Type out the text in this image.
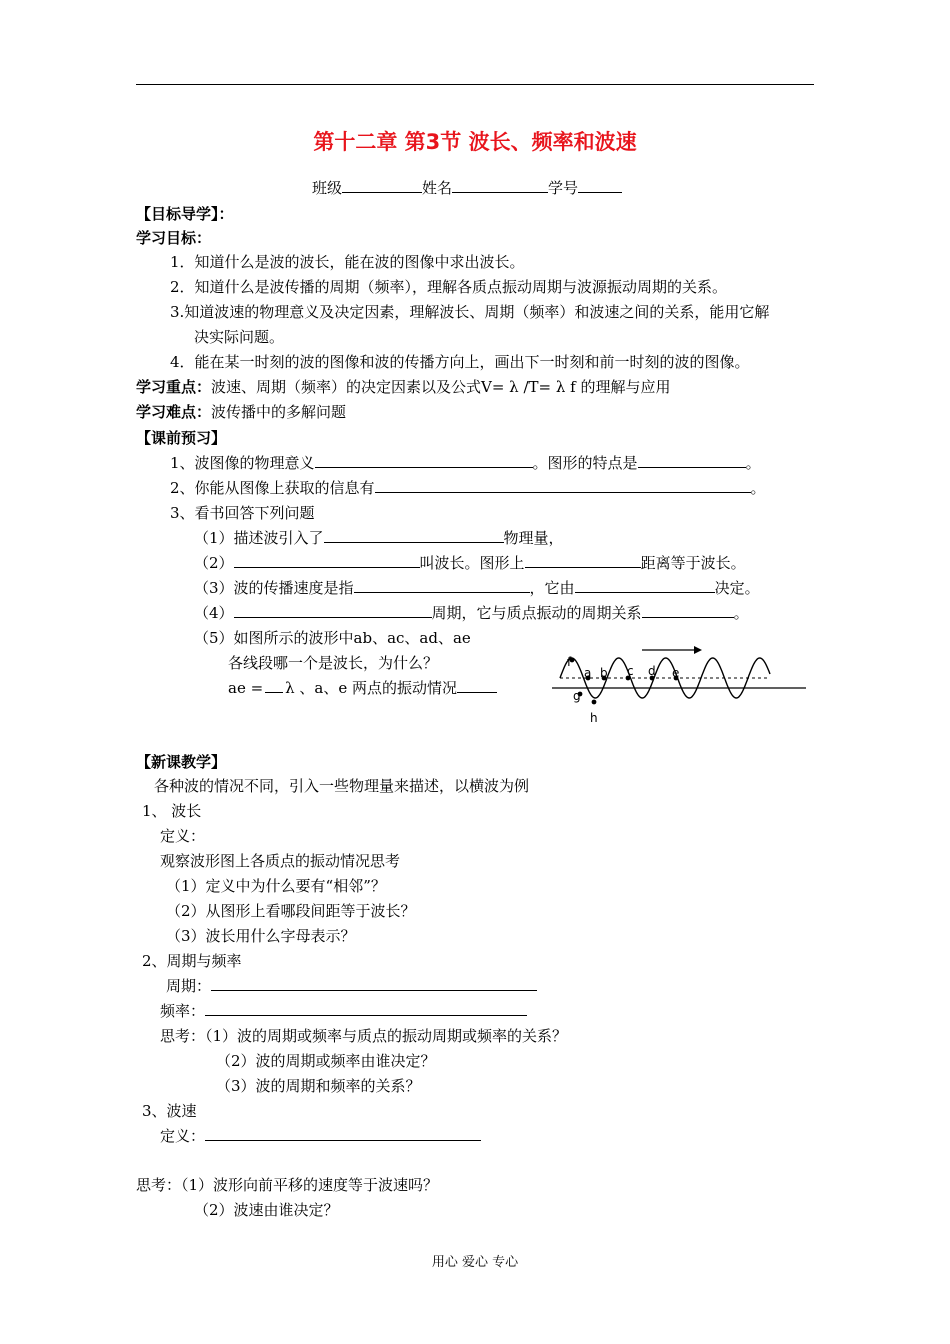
第十二章 第3节 波长、频率和波速
班级	姓名	学号
【目标导学】：
学习目标：
1．知道什么是波的波长，能在波的图像中求出波长。
2．知道什么是波传播的周期（频率），理解各质点振动周期与波源振动周期的关系。
3.知道波速的物理意义及决定因素，理解波长、周期（频率）和波速之间的关系，能用它解
决实际问题。
4．能在某一时刻的波的图像和波的传播方向上，画出下一时刻和前一时刻的波的图像。
学习重点：波速、周期（频率）的决定因素以及公式V= λ /T= λ f 的理解与应用
学习难点：波传播中的多解问题
【课前预习】
1、波图像的物理意义	。图形的特点是	。
2、你能从图像上获取的信息有	。
3、看书回答下列问题
（1）描述波引入了	物理量，
（2）	叫波长。图形上	距离等于波长。
（3）波的传播速度是指	，它由	决定。
（4）	周期，它与质点振动的周期关系	。
（5）如图所示的波形中ab、ac、ad、ae
各线段哪一个是波长，为什么？
ae = λ 、a、e 两点的振动情况
f
a b c d e
g
h
【新课教学】
各种波的情况不同，引入一些物理量来描述，以横波为例
1、 波长
定义：
观察波形图上各质点的振动情况思考
（1）定义中为什么要有“相邻”？
（2）从图形上看哪段间距等于波长？
（3）波长用什么字母表示？
2、周期与频率
周期：
频率：
思考：（1）波的周期或频率与质点的振动周期或频率的关系？
（2）波的周期或频率由谁决定？
（3）波的周期和频率的关系？
3、波速
定义：
思考：（1）波形向前平移的速度等于波速吗？
（2）波速由谁决定？
用心 爱心 专心
